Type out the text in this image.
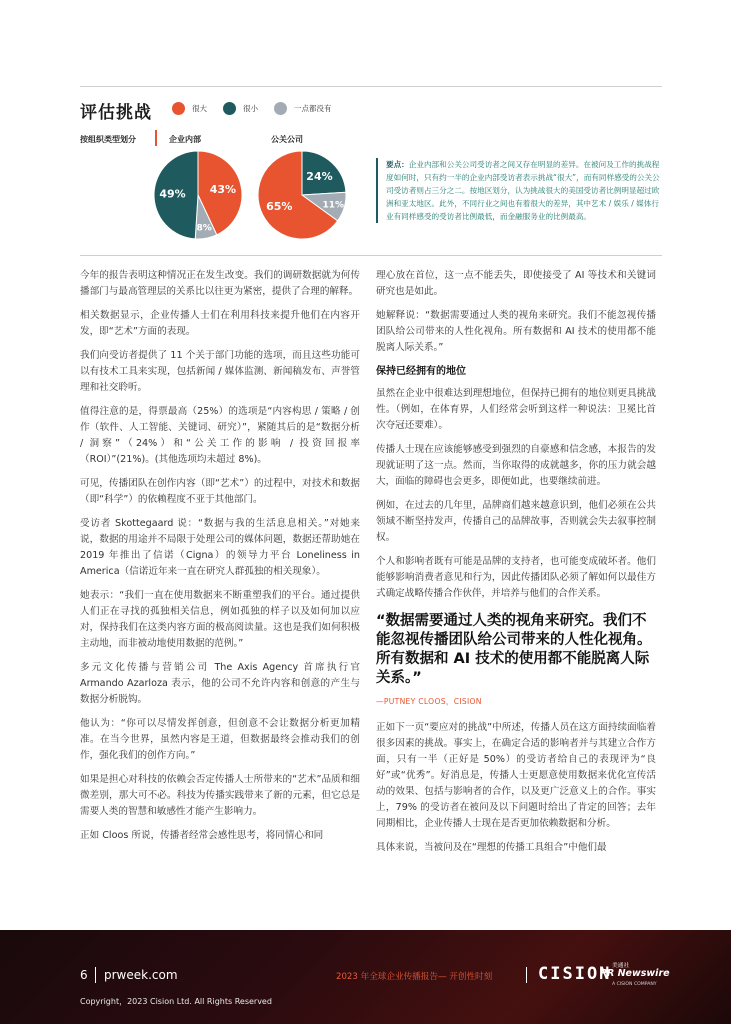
评估挑战	很大	很小	一点都没有
按组织类型划分	企业内部	公关公司
43%
8%
49%
24%
11%
65%
要点：企业内部和公关公司受访者之间又存在明显的差异。在被问及工作的挑战程度如何时，只有约一半的企业内部受访者表示挑战“很大”，而有同样感受的公关公司受访者则占三分之二。按地区划分，认为挑战很大的美国受访者比例明显超过欧洲和亚太地区。此外，不同行业之间也有着很大的差异，其中艺术 / 娱乐 / 媒体行业有同样感受的受访者比例最低，而金融服务业的比例最高。

今年的报告表明这种情况正在发生改变。我们的调研数据就为何传播部门与最高管理层的关系比以往更为紧密，提供了合理的解释。

相关数据显示，企业传播人士们在利用科技来提升他们在内容开发，即“艺术”方面的表现。

我们向受访者提供了 11 个关于部门功能的选项，而且这些功能可以有技术工具来实现，包括新闻 / 媒体监测、新闻稿发布、声誉管理和社交聆听。

值得注意的是，得票最高（25%）的选项是“内容构思 / 策略 / 创作（软件、人工智能、关键词、研究）”，紧随其后的是“数据分析 / 洞察”（24%）和“公关工作的影响 / 投资回报率（ROI）”(21%)。(其他选项均未超过 8%)。

可见，传播团队在创作内容（即“艺术”）的过程中，对技术和数据（即“科学”）的依赖程度不亚于其他部门。

受访者 Skottegaard 说：“数据与我的生活息息相关。”对她来说，数据的用途并不局限于处理公司的媒体问题，数据还帮助她在 2019 年推出了信诺（Cigna）的领导力平台 Loneliness in America（信诺近年来一直在研究人群孤独的相关现象）。

她表示：“我们一直在使用数据来不断重塑我们的平台。通过提供人们正在寻找的孤独相关信息，例如孤独的样子以及如何加以应对，保持我们在这类内容方面的极高阅读量。这也是我们如何积极主动地，而非被动地使用数据的范例。”

多元文化传播与营销公司 The Axis Agency 首席执行官 Armando Azarloza 表示，他的公司不允许内容和创意的产生与数据分析脱钩。

他认为：“你可以尽情发挥创意，但创意不会让数据分析更加精准。在当今世界，虽然内容是王道，但数据最终会推动我们的创作，强化我们的创作方向。”

如果是担心对科技的依赖会否定传播人士所带来的“艺术”品质和细微差别，那大可不必。科技为传播实践带来了新的元素，但它总是需要人类的智慧和敏感性才能产生影响力。

正如 Cloos 所说，传播者经常会感性思考，将同情心和同

理心放在首位，这一点不能丢失，即使接受了 AI 等技术和关键词研究也是如此。

她解释说：“数据需要通过人类的视角来研究。我们不能忽视传播团队给公司带来的人性化视角。所有数据和 AI 技术的使用都不能脱离人际关系。”

保持已经拥有的地位

虽然在企业中很难达到理想地位，但保持已拥有的地位则更具挑战性。（例如，在体育界，人们经常会听到这样一种说法：卫冕比首次夺冠还要难）。

传播人士现在应该能够感受到强烈的自豪感和信念感，本报告的发现就证明了这一点。然而，当你取得的成就越多，你的压力就会越大，面临的障碍也会更多，即便如此，也要继续前进。

例如，在过去的几年里，品牌商们越来越意识到，他们必须在公共领域不断坚持发声，传播自己的品牌故事，否则就会失去叙事控制权。

个人和影响者既有可能是品牌的支持者，也可能变成破坏者。他们能够影响消费者意见和行为，因此传播团队必须了解如何以最佳方式确定战略传播合作伙伴，并培养与他们的合作关系。

“数据需要通过人类的视角来研究。我们不能忽视传播团队给公司带来的人性化视角。所有数据和 AI 技术的使用都不能脱离人际关系。”
—PUTNEY CLOOS，CISION

正如下一页“要应对的挑战”中所述，传播人员在这方面持续面临着很多因素的挑战。事实上，在确定合适的影响者并与其建立合作方面，只有一半（正好是 50%）的受访者给自己的表现评为“良好”或“优秀”。好消息是，传播人士更愿意使用数据来优化宣传活动的效果、包括与影响者的合作，以及更广泛意义上的合作。事实上，79% 的受访者在被问及以下问题时给出了肯定的回答；去年同期相比，企业传播人士现在是否更加依赖数据和分析。

具体来说，当被问及在“理想的传播工具组合”中他们最

6 prweek.com
Copyright，2023 Cision Ltd. All Rights Reserved
2023 年全球企业传播报告— 开创性时刻	CISION 美通社
PR Newswire
A CISION COMPANY
